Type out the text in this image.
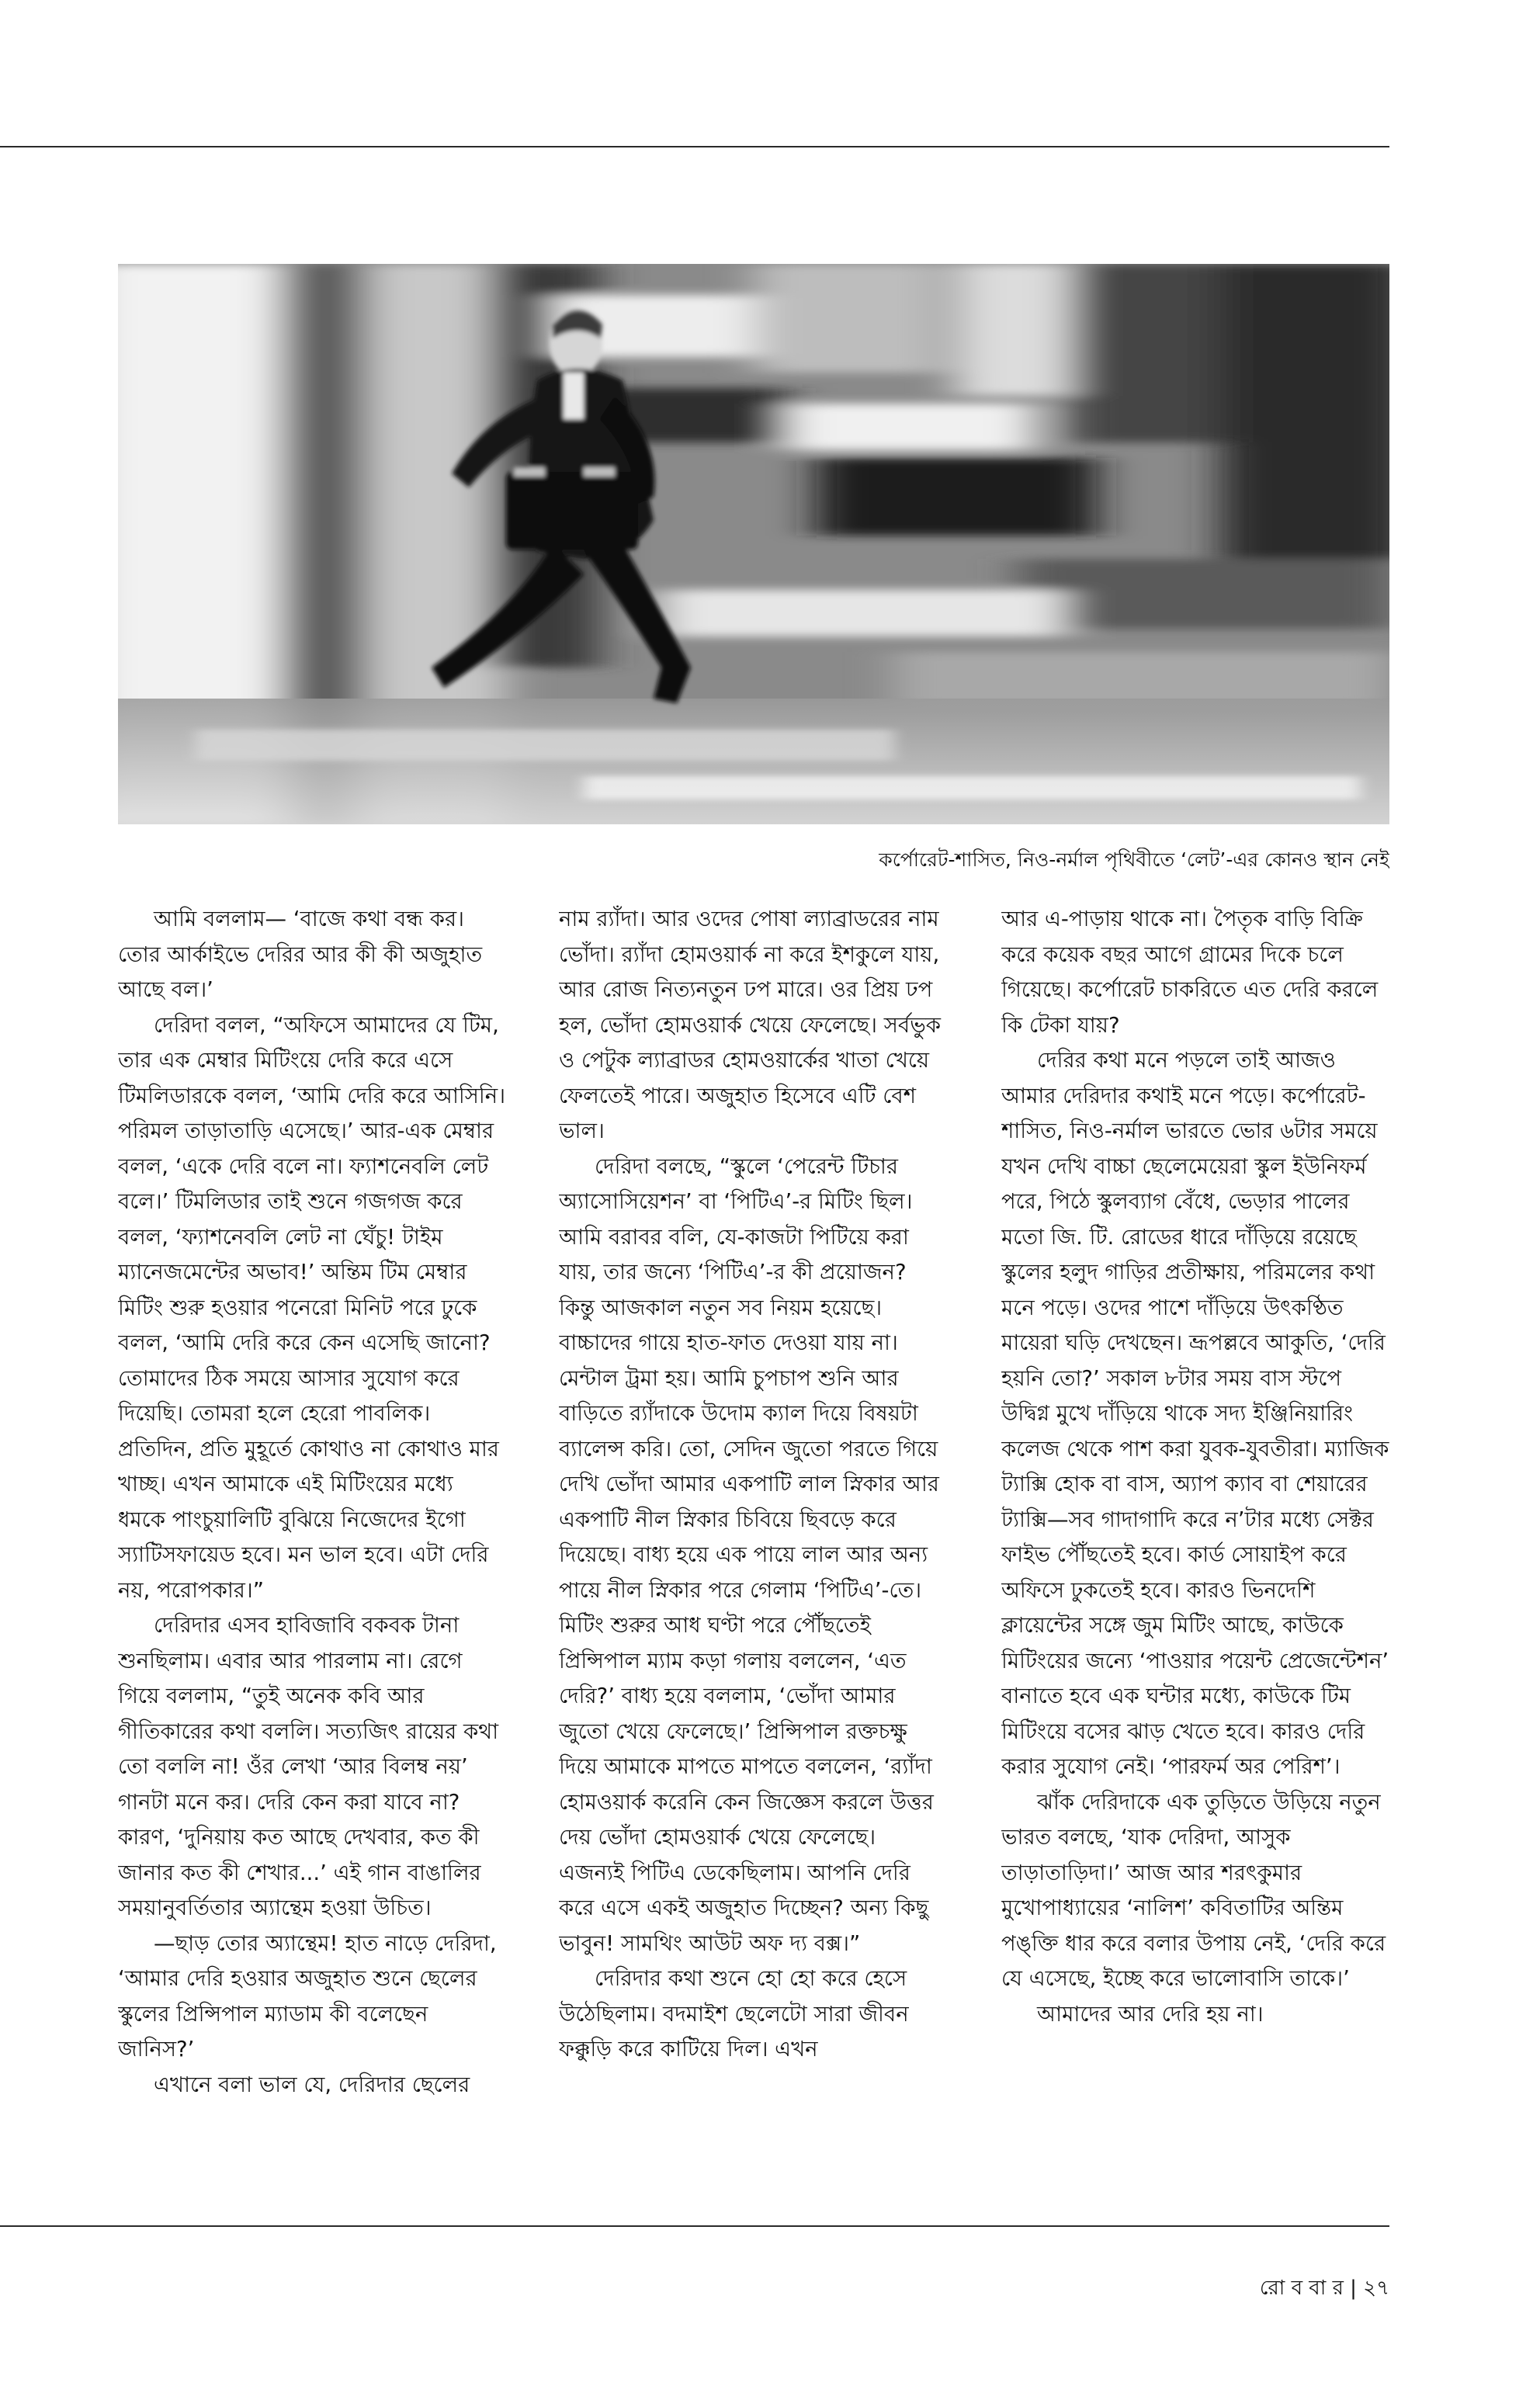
কর্পোরেট-শাসিত, নিও-নর্মাল পৃথিবীতে ‘লেট’-এর কোনও স্থান নেই

আমি বললাম— ‘বাজে কথা বন্ধ কর। তোর আর্কাইভে দেরির আর কী কী অজুহাত আছে বল।’

দেরিদা বলল, “অফিসে আমাদের যে টিম, তার এক মেম্বার মিটিংয়ে দেরি করে এসে টিমলিডারকে বলল, ‘আমি দেরি করে আসিনি। পরিমল তাড়াতাড়ি এসেছে।’ আর-এক মেম্বার বলল, ‘একে দেরি বলে না। ফ্যাশনেবলি লেট বলে।’ টিমলিডার তাই শুনে গজগজ করে বলল, ‘ফ্যাশনেবলি লেট না ঘেঁচু! টাইম ম্যানেজমেন্টের অভাব!’ অন্তিম টিম মেম্বার মিটিং শুরু হওয়ার পনেরো মিনিট পরে ঢুকে বলল, ‘আমি দেরি করে কেন এসেছি জানো? তোমাদের ঠিক সময়ে আসার সুযোগ করে দিয়েছি। তোমরা হলে হেরো পাবলিক। প্রতিদিন, প্রতি মুহূর্তে কোথাও না কোথাও মার খাচ্ছ। এখন আমাকে এই মিটিংয়ের মধ্যে ধমকে পাংচুয়ালিটি বুঝিয়ে নিজেদের ইগো স্যাটিসফায়েড হবে। মন ভাল হবে। এটা দেরি নয়, পরোপকার।”

দেরিদার এসব হাবিজাবি বকবক টানা শুনছিলাম। এবার আর পারলাম না। রেগে গিয়ে বললাম, “তুই অনেক কবি আর গীতিকারের কথা বললি। সত্যজিৎ রায়ের কথা তো বললি না! ওঁর লেখা ‘আর বিলম্ব নয়’ গানটা মনে কর। দেরি কেন করা যাবে না? কারণ, ‘দুনিয়ায় কত আছে দেখবার, কত কী জানার কত কী শেখার...’ এই গান বাঙালির সময়ানুবর্তিতার অ্যান্থেম হওয়া উচিত।

—ছাড় তোর অ্যান্থেম! হাত নাড়ে দেরিদা, ‘আমার দেরি হওয়ার অজুহাত শুনে ছেলের স্কুলের প্রিন্সিপাল ম্যাডাম কী বলেছেন জানিস?’

এখানে বলা ভাল যে, দেরিদার ছেলের

নাম র‍্যাঁদা। আর ওদের পোষা ল্যাব্রাডরের নাম ভোঁদা। র‍্যাঁদা হোমওয়ার্ক না করে ইশকুলে যায়, আর রোজ নিত্যনতুন ঢপ মারে। ওর প্রিয় ঢপ হল, ভোঁদা হোমওয়ার্ক খেয়ে ফেলেছে। সর্বভুক ও পেটুক ল্যাব্রাডর হোমওয়ার্কের খাতা খেয়ে ফেলতেই পারে। অজুহাত হিসেবে এটি বেশ ভাল।

দেরিদা বলছে, “স্কুলে ‘পেরেন্ট টিচার অ্যাসোসিয়েশন’ বা ‘পিটিএ’-র মিটিং ছিল। আমি বরাবর বলি, যে-কাজটা পিটিয়ে করা যায়, তার জন্যে ‘পিটিএ’-র কী প্রয়োজন? কিন্তু আজকাল নতুন সব নিয়ম হয়েছে। বাচ্চাদের গায়ে হাত-ফাত দেওয়া যায় না। মেন্টাল ট্রমা হয়। আমি চুপচাপ শুনি আর বাড়িতে র‍্যাঁদাকে উদোম ক্যাল দিয়ে বিষয়টা ব্যালেন্স করি। তো, সেদিন জুতো পরতে গিয়ে দেখি ভোঁদা আমার একপাটি লাল স্নিকার আর একপাটি নীল স্নিকার চিবিয়ে ছিবড়ে করে দিয়েছে। বাধ্য হয়ে এক পায়ে লাল আর অন্য পায়ে নীল স্নিকার পরে গেলাম ‘পিটিএ’-তে। মিটিং শুরুর আধ ঘণ্টা পরে পৌঁছতেই প্রিন্সিপাল ম্যাম কড়া গলায় বললেন, ‘এত দেরি?’ বাধ্য হয়ে বললাম, ‘ভোঁদা আমার জুতো খেয়ে ফেলেছে।’ প্রিন্সিপাল রক্তচক্ষু দিয়ে আমাকে মাপতে মাপতে বললেন, ‘র‍্যাঁদা হোমওয়ার্ক করেনি কেন জিজ্ঞেস করলে উত্তর দেয় ভোঁদা হোমওয়ার্ক খেয়ে ফেলেছে। এজন্যই পিটিএ ডেকেছিলাম। আপনি দেরি করে এসে একই অজুহাত দিচ্ছেন? অন্য কিছু ভাবুন! সামথিং আউট অফ দ্য বক্স।”

দেরিদার কথা শুনে হো হো করে হেসে উঠেছিলাম। বদমাইশ ছেলেটো সারা জীবন ফক্কুড়ি করে কাটিয়ে দিল। এখন

আর এ-পাড়ায় থাকে না। পৈতৃক বাড়ি বিক্রি করে কয়েক বছর আগে গ্রামের দিকে চলে গিয়েছে। কর্পোরেট চাকরিতে এত দেরি করলে কি টেকা যায়?

দেরির কথা মনে পড়লে তাই আজও আমার দেরিদার কথাই মনে পড়ে। কর্পোরেট-শাসিত, নিও-নর্মাল ভারতে ভোর ৬টার সময়ে যখন দেখি বাচ্চা ছেলেমেয়েরা স্কুল ইউনিফর্ম পরে, পিঠে স্কুলব্যাগ বেঁধে, ভেড়ার পালের মতো জি. টি. রোডের ধারে দাঁড়িয়ে রয়েছে স্কুলের হলুদ গাড়ির প্রতীক্ষায়, পরিমলের কথা মনে পড়ে। ওদের পাশে দাঁড়িয়ে উৎকণ্ঠিত মায়েরা ঘড়ি দেখছেন। ভ্রূপল্লবে আকুতি, ‘দেরি হয়নি তো?’ সকাল ৮টার সময় বাস স্টপে উদ্বিগ্ন মুখে দাঁড়িয়ে থাকে সদ্য ইঞ্জিনিয়ারিং কলেজ থেকে পাশ করা যুবক-যুবতীরা। ম্যাজিক ট্যাক্সি হোক বা বাস, অ্যাপ ক্যাব বা শেয়ারের ট্যাক্সি—সব গাদাগাদি করে ন’টার মধ্যে সেক্টর ফাইভ পৌঁছতেই হবে। কার্ড সোয়াইপ করে অফিসে ঢুকতেই হবে। কারও ভিনদেশি ক্লায়েন্টের সঙ্গে জুম মিটিং আছে, কাউকে মিটিংয়ের জন্যে ‘পাওয়ার পয়েন্ট প্রেজেন্টেশন’ বানাতে হবে এক ঘন্টার মধ্যে, কাউকে টিম মিটিংয়ে বসের ঝাড় খেতে হবে। কারও দেরি করার সুযোগ নেই। ‘পারফর্ম অর পেরিশ’।

ঝাঁক দেরিদাকে এক তুড়িতে উড়িয়ে নতুন ভারত বলছে, ‘যাক দেরিদা, আসুক তাড়াতাড়িদা।’ আজ আর শরৎকুমার মুখোপাধ্যায়ের ‘নালিশ’ কবিতাটির অন্তিম পঙ্‌ক্তি ধার করে বলার উপায় নেই, ‘দেরি করে যে এসেছে, ইচ্ছে করে ভালোবাসি তাকে।’

আমাদের আর দেরি হয় না।

রো ব বা র | ২৭
